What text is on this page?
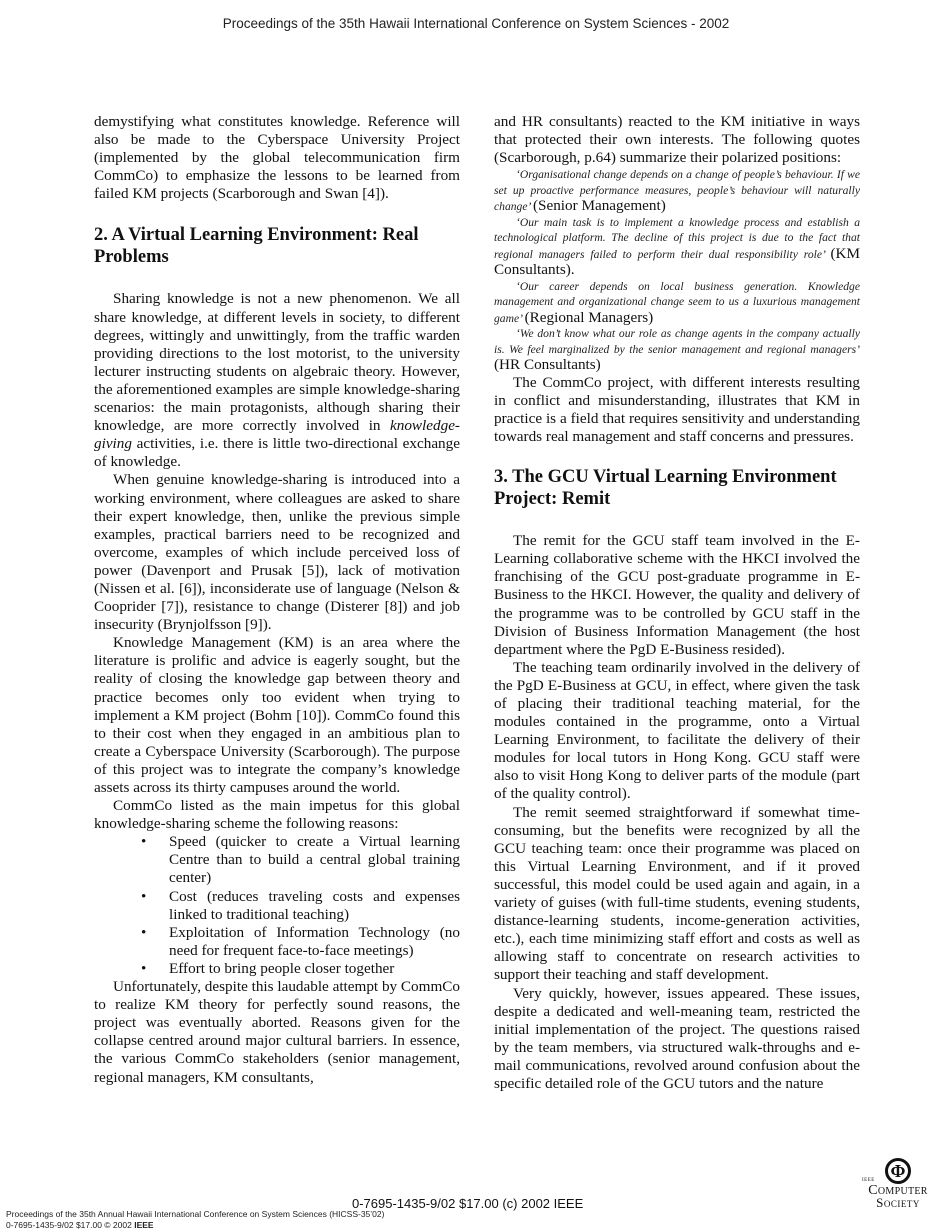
Proceedings of the 35th Hawaii International Conference on System Sciences - 2002

demystifying what constitutes knowledge. Reference will also be made to the Cyberspace University Project (implemented by the global telecommunication firm CommCo) to emphasize the lessons to be learned from failed KM projects (Scarborough and Swan [4]).

2. A Virtual Learning Environment: Real Problems

Sharing knowledge is not a new phenomenon. We all share knowledge, at different levels in society, to different degrees, wittingly and unwittingly, from the traffic warden providing directions to the lost motorist, to the university lecturer instructing students on algebraic theory. However, the aforementioned examples are simple knowledge-sharing scenarios: the main protagonists, although sharing their knowledge, are more correctly involved in knowledge-giving activities, i.e. there is little two-directional exchange of knowledge.

When genuine knowledge-sharing is introduced into a working environment, where colleagues are asked to share their expert knowledge, then, unlike the previous simple examples, practical barriers need to be recognized and overcome, examples of which include perceived loss of power (Davenport and Prusak [5]), lack of motivation (Nissen et al. [6]), inconsiderate use of language (Nelson & Cooprider [7]), resistance to change (Disterer [8]) and job insecurity (Brynjolfsson [9]).

Knowledge Management (KM) is an area where the literature is prolific and advice is eagerly sought, but the reality of closing the knowledge gap between theory and practice becomes only too evident when trying to implement a KM project (Bohm [10]). CommCo found this to their cost when they engaged in an ambitious plan to create a Cyberspace University (Scarborough). The purpose of this project was to integrate the company’s knowledge assets across its thirty campuses around the world.

CommCo listed as the main impetus for this global knowledge-sharing scheme the following reasons:

• Speed (quicker to create a Virtual learning Centre than to build a central global training center)
• Cost (reduces traveling costs and expenses linked to traditional teaching)
• Exploitation of Information Technology (no need for frequent face-to-face meetings)
• Effort to bring people closer together

Unfortunately, despite this laudable attempt by CommCo to realize KM theory for perfectly sound reasons, the project was eventually aborted. Reasons given for the collapse centred around major cultural barriers. In essence, the various CommCo stakeholders (senior management, regional managers, KM consultants,

and HR consultants) reacted to the KM initiative in ways that protected their own interests. The following quotes (Scarborough, p.64) summarize their polarized positions:

‘Organisational change depends on a change of people’s behaviour. If we set up proactive performance measures, people’s behaviour will naturally change’ (Senior Management)

‘Our main task is to implement a knowledge process and establish a technological platform. The decline of this project is due to the fact that regional managers failed to perform their dual responsibility role’ (KM Consultants).

‘Our career depends on local business generation. Knowledge management and organizational change seem to us a luxurious management game’ (Regional Managers)

‘We don’t know what our role as change agents in the company actually is. We feel marginalized by the senior management and regional managers’ (HR Consultants)

The CommCo project, with different interests resulting in conflict and misunderstanding, illustrates that KM in practice is a field that requires sensitivity and understanding towards real management and staff concerns and pressures.

3. The GCU Virtual Learning Environment Project: Remit

The remit for the GCU staff team involved in the E-Learning collaborative scheme with the HKCI involved the franchising of the GCU post-graduate programme in E-Business to the HKCI. However, the quality and delivery of the programme was to be controlled by GCU staff in the Division of Business Information Management (the host department where the PgD E-Business resided).

The teaching team ordinarily involved in the delivery of the PgD E-Business at GCU, in effect, where given the task of placing their traditional teaching material, for the modules contained in the programme, onto a Virtual Learning Environment, to facilitate the delivery of their modules for local tutors in Hong Kong. GCU staff were also to visit Hong Kong to deliver parts of the module (part of the quality control).

The remit seemed straightforward if somewhat time-consuming, but the benefits were recognized by all the GCU teaching team: once their programme was placed on this Virtual Learning Environment, and if it proved successful, this model could be used again and again, in a variety of guises (with full-time students, evening students, distance-learning students, income-generation activities, etc.), each time minimizing staff effort and costs as well as allowing staff to concentrate on research activities to support their teaching and staff development.

Very quickly, however, issues appeared. These issues, despite a dedicated and well-meaning team, restricted the initial implementation of the project. The questions raised by the team members, via structured walk-throughs and e-mail communications, revolved around confusion about the specific detailed role of the GCU tutors and the nature

0-7695-1435-9/02 $17.00 (c) 2002 IEEE
Proceedings of the 35th Annual Hawaii International Conference on System Sciences (HICSS-35’02)
0-7695-1435-9/02 $17.00 © 2002 IEEE
Φ
IEEE
Computer
Society
